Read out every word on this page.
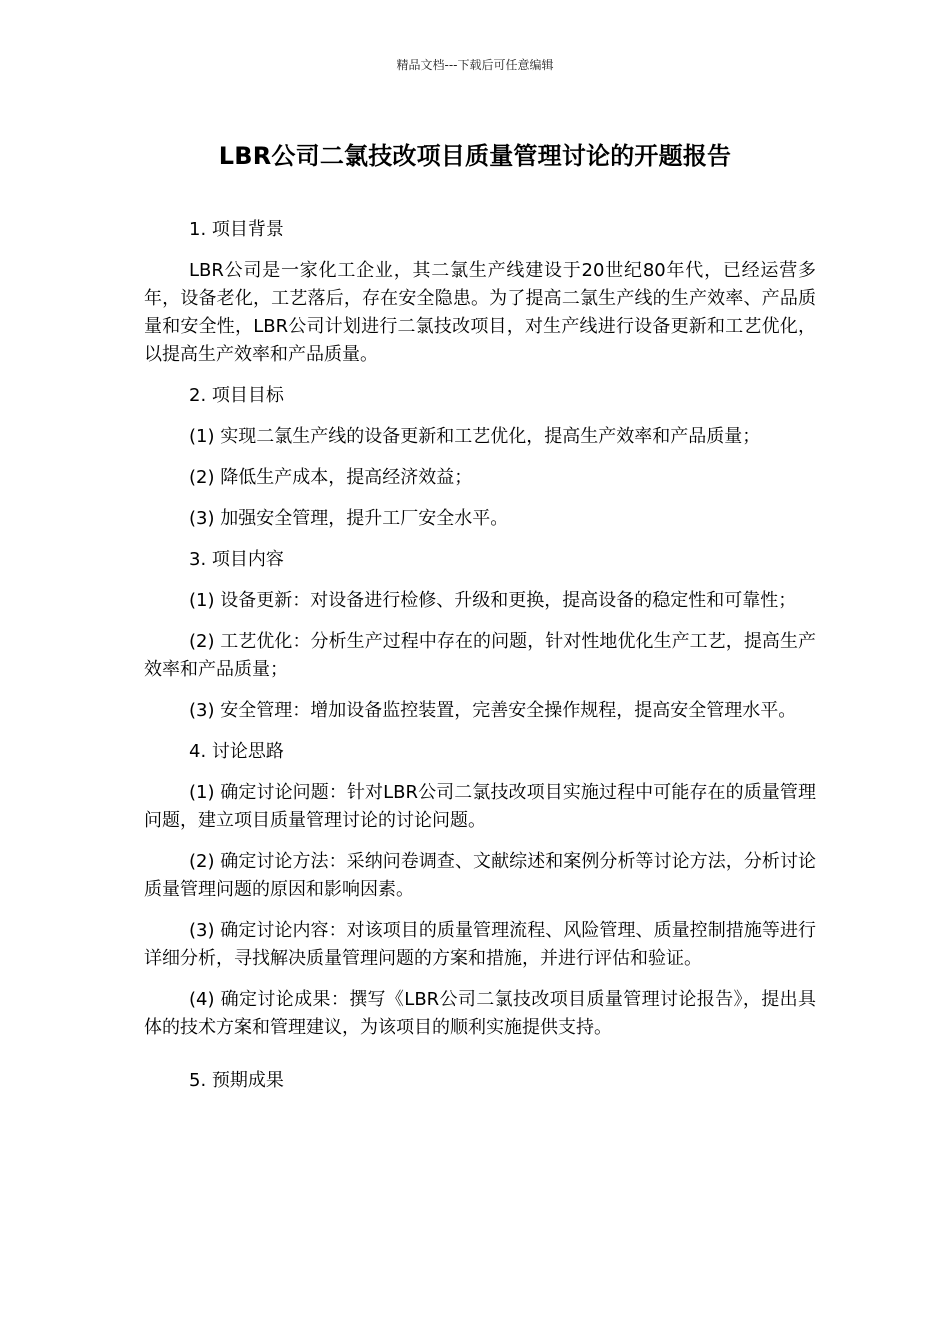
精品文档---下载后可任意编辑
LBR公司二氯技改项目质量管理讨论的开题报告

1. 项目背景

LBR公司是一家化工企业，其二氯生产线建设于20世纪80年代，已经运营多年，设备老化，工艺落后，存在安全隐患。为了提高二氯生产线的生产效率、产品质量和安全性，LBR公司计划进行二氯技改项目，对生产线进行设备更新和工艺优化，以提高生产效率和产品质量。

2. 项目目标

(1) 实现二氯生产线的设备更新和工艺优化，提高生产效率和产品质量；

(2) 降低生产成本，提高经济效益；

(3) 加强安全管理，提升工厂安全水平。

3. 项目内容

(1) 设备更新：对设备进行检修、升级和更换，提高设备的稳定性和可靠性；

(2) 工艺优化：分析生产过程中存在的问题，针对性地优化生产工艺，提高生产效率和产品质量；

(3) 安全管理：增加设备监控装置，完善安全操作规程，提高安全管理水平。

4. 讨论思路

(1) 确定讨论问题：针对LBR公司二氯技改项目实施过程中可能存在的质量管理问题，建立项目质量管理讨论的讨论问题。

(2) 确定讨论方法：采纳问卷调查、文献综述和案例分析等讨论方法，分析讨论质量管理问题的原因和影响因素。

(3) 确定讨论内容：对该项目的质量管理流程、风险管理、质量控制措施等进行详细分析，寻找解决质量管理问题的方案和措施，并进行评估和验证。

(4) 确定讨论成果：撰写《LBR公司二氯技改项目质量管理讨论报告》，提出具体的技术方案和管理建议，为该项目的顺利实施提供支持。

5. 预期成果
